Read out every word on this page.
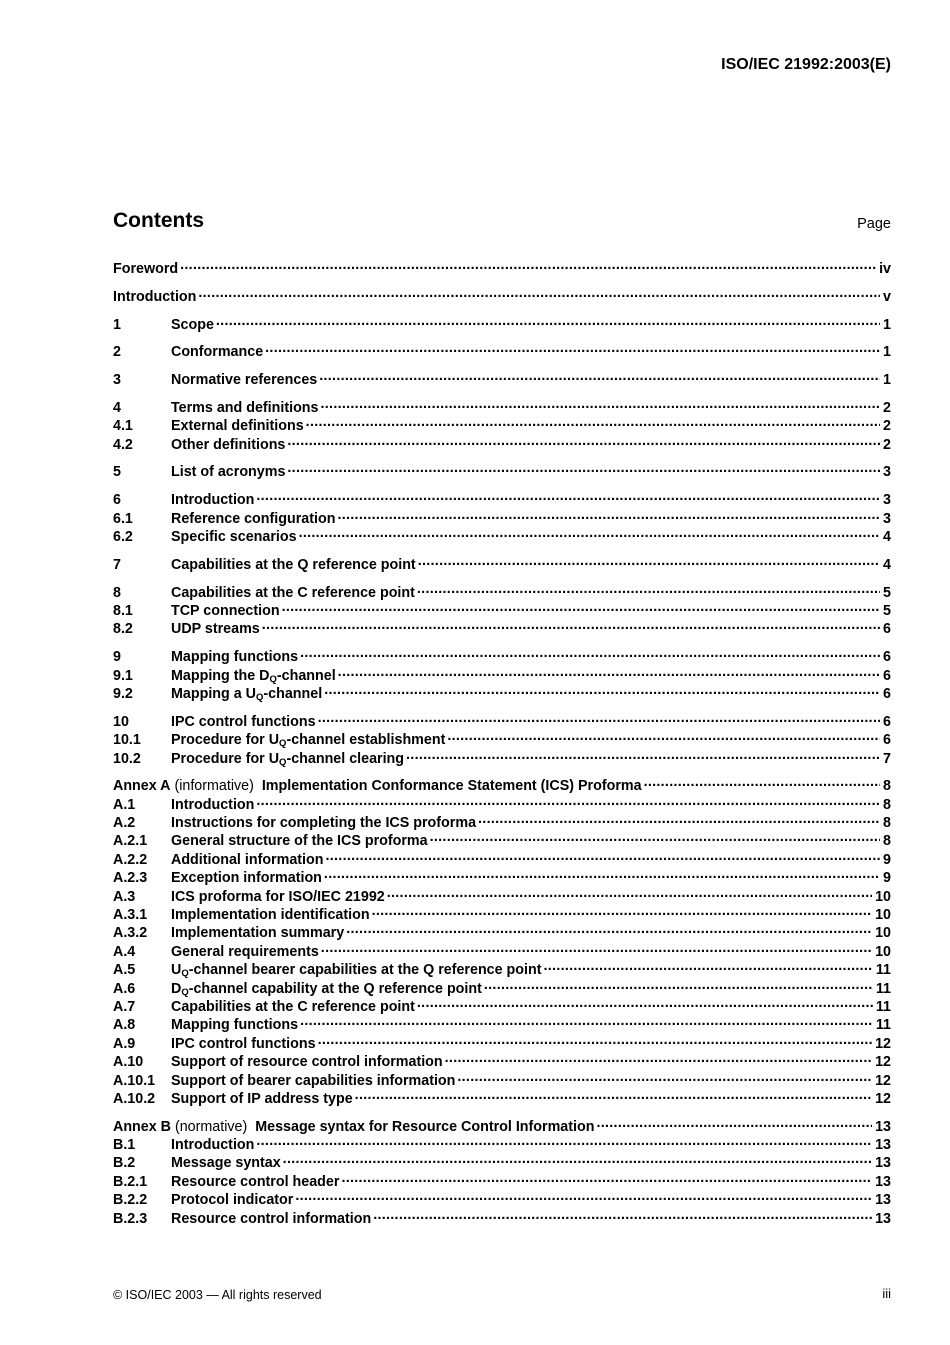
ISO/IEC 21992:2003(E)
Contents	Page
Foreword .....	iv
Introduction .....	v
1	Scope .....	1
2	Conformance .....	1
3	Normative references .....	1
4	Terms and definitions .....	2
4.1	External definitions .....	2
4.2	Other definitions .....	2
5	List of acronyms .....	3
6	Introduction .....	3
6.1	Reference configuration .....	3
6.2	Specific scenarios .....	4
7	Capabilities at the Q reference point .....	4
8	Capabilities at the C reference point .....	5
8.1	TCP connection .....	5
8.2	UDP streams .....	6
9	Mapping functions .....	6
9.1	Mapping the $D_Q$-channel .....	6
9.2	Mapping a $U_Q$-channel .....	6
10	IPC control functions .....	6
10.1	Procedure for $U_Q$-channel establishment .....	6
10.2	Procedure for $U_Q$-channel clearing .....	7
Annex A (informative)  Implementation Conformance Statement (ICS) Proforma .....	8
A.1	Introduction .....	8
A.2	Instructions for completing the ICS proforma .....	8
A.2.1	General structure of the ICS proforma .....	8
A.2.2	Additional information .....	9
A.2.3	Exception information .....	9
A.3	ICS proforma for ISO/IEC 21992 .....	10
A.3.1	Implementation identification .....	10
A.3.2	Implementation summary .....	10
A.4	General requirements .....	10
A.5	$U_Q$-channel bearer capabilities at the Q reference point .....	11
A.6	$D_Q$-channel capability at the Q reference point .....	11
A.7	Capabilities at the C reference point .....	11
A.8	Mapping functions .....	11
A.9	IPC control functions .....	12
A.10	Support of resource control information .....	12
A.10.1	Support of bearer capabilities information .....	12
A.10.2	Support of IP address type .....	12
Annex B (normative)  Message syntax for Resource Control Information .....	13
B.1	Introduction .....	13
B.2	Message syntax .....	13
B.2.1	Resource control header .....	13
B.2.2	Protocol indicator .....	13
B.2.3	Resource control information .....	13
© ISO/IEC 2003 — All rights reserved	iii
